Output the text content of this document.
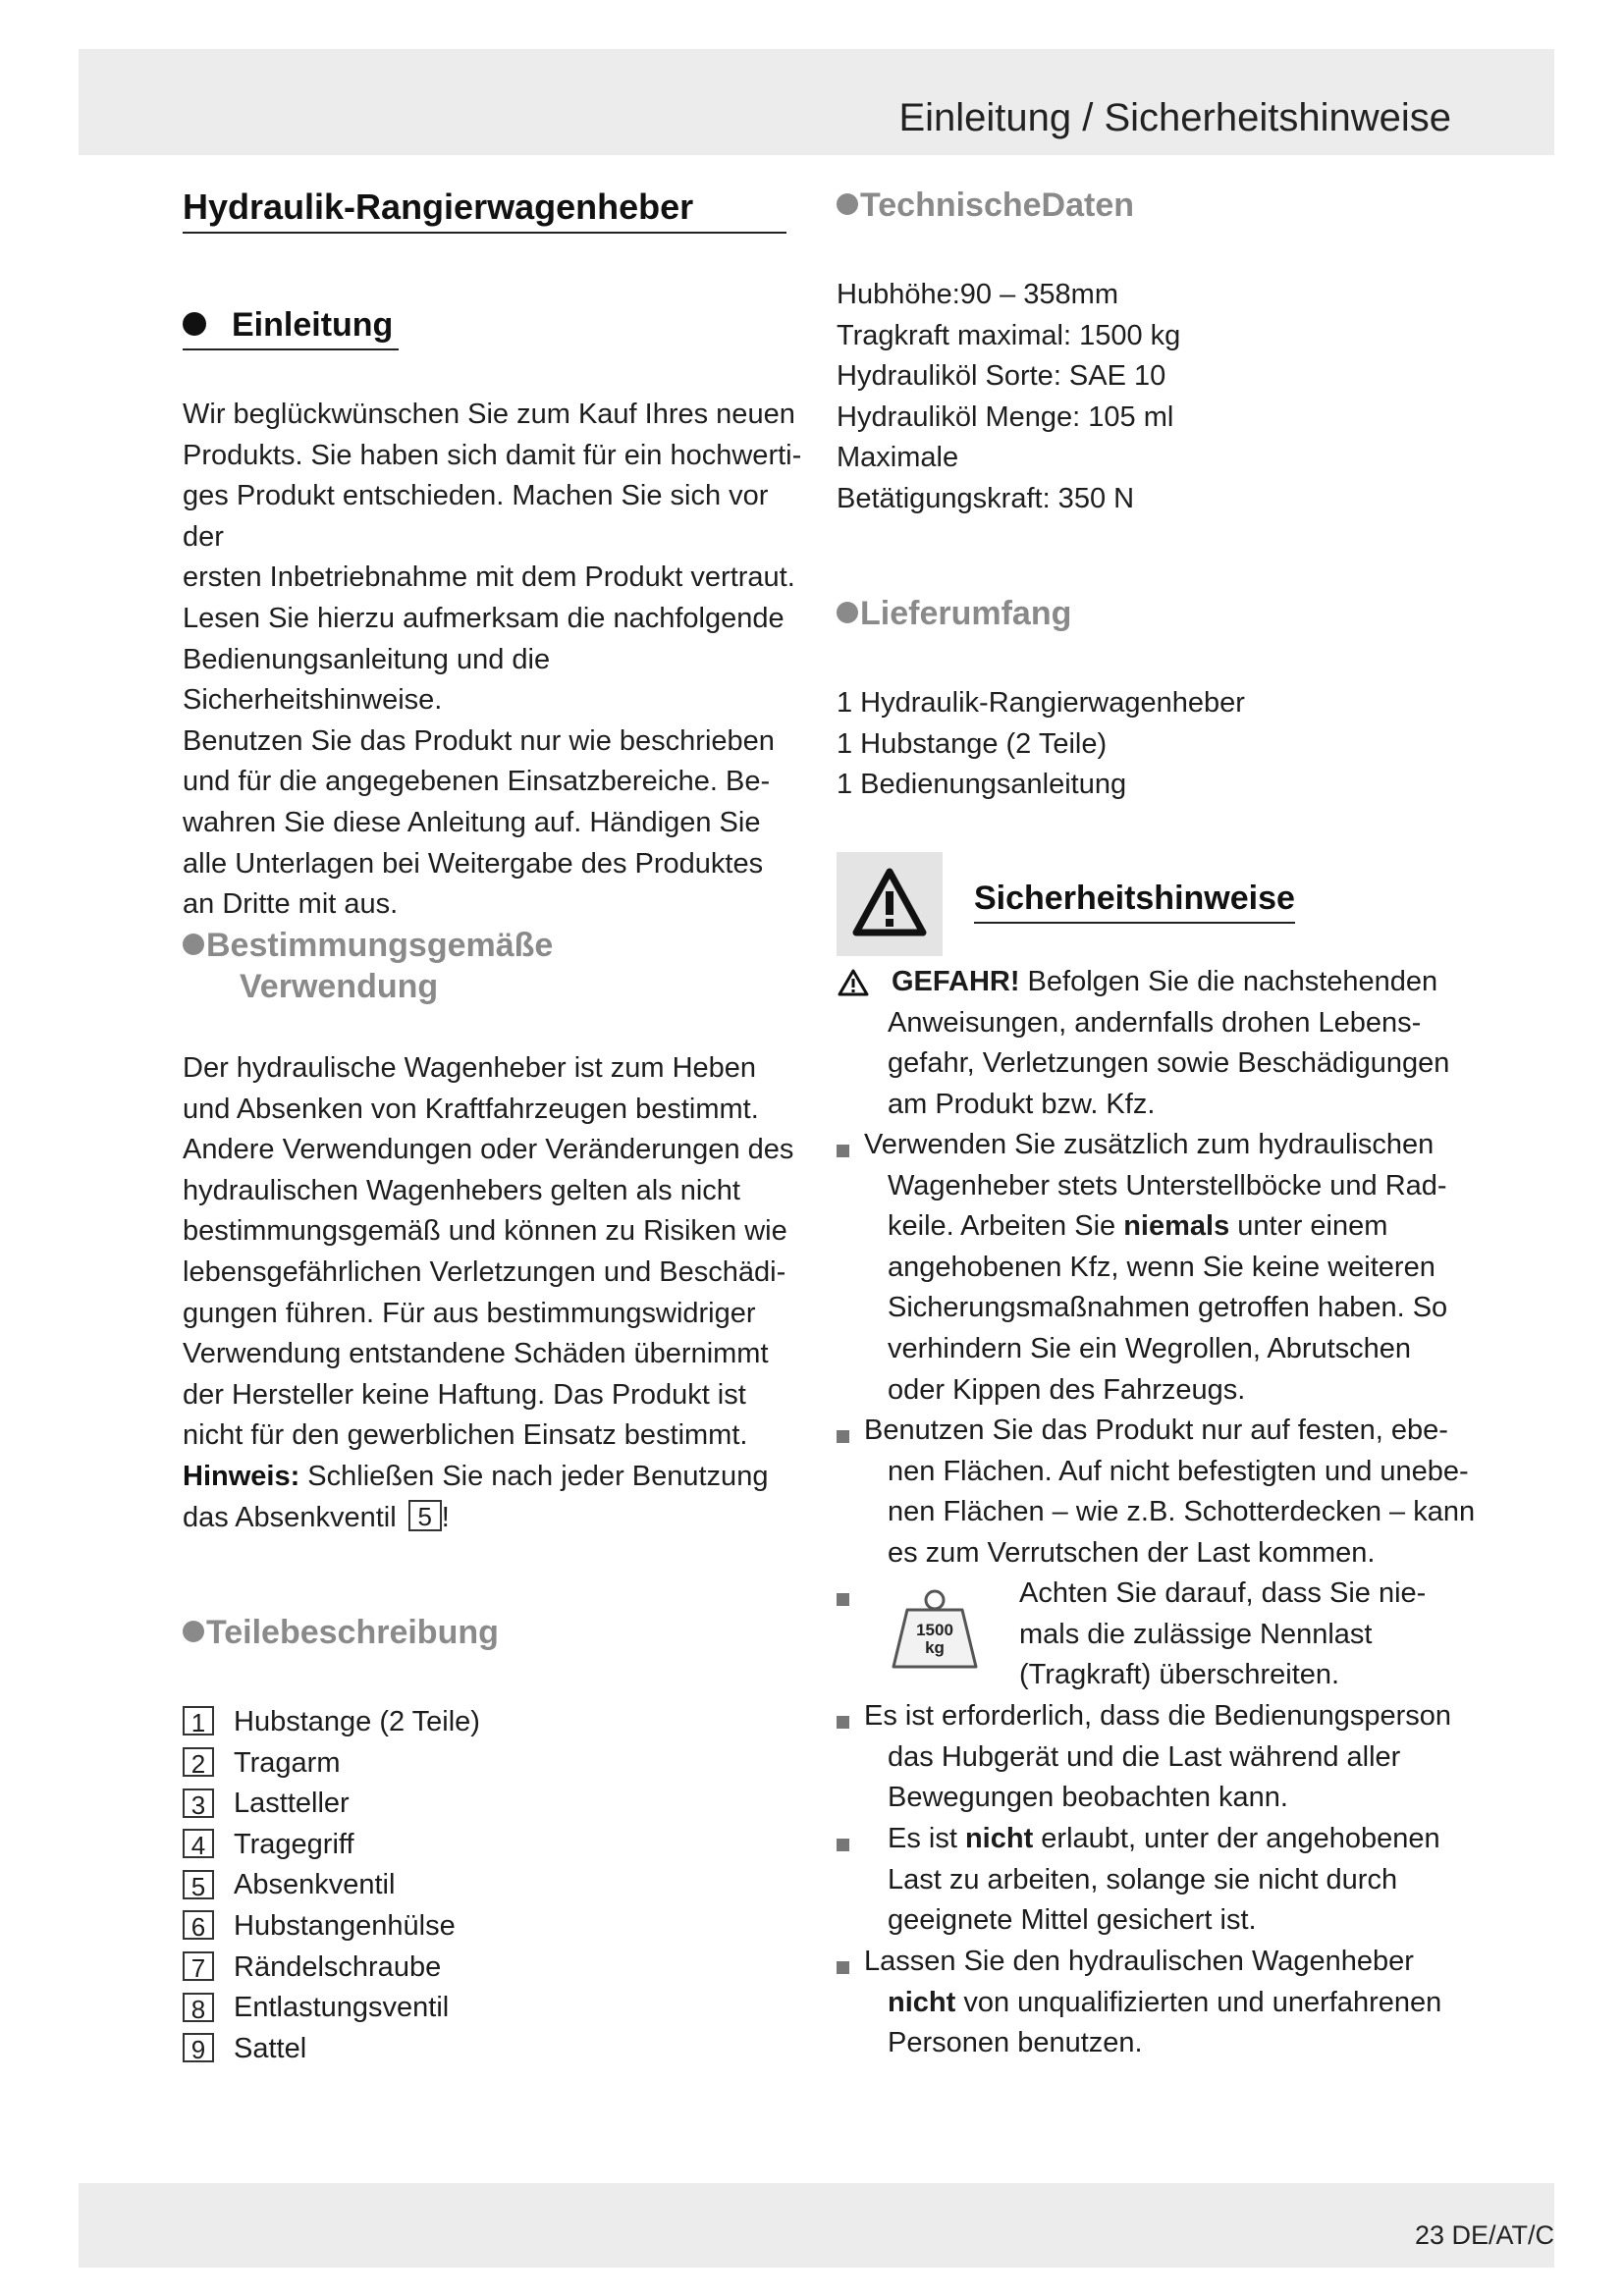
Einleitung / Sicherheitshinweise
Hydraulik-Rangierwagenheber
Einleitung

Wir beglückwünschen Sie zum Kauf Ihres neuen

Produkts. Sie haben sich damit für ein hochwerti-

ges Produkt entschieden. Machen Sie sich vor der

ersten Inbetriebnahme mit dem Produkt vertraut.

Lesen Sie hierzu aufmerksam die nachfolgende

Bedienungsanleitung und die Sicherheitshinweise.

Benutzen Sie das Produkt nur wie beschrieben

und für die angegebenen Einsatzbereiche. Be-

wahren Sie diese Anleitung auf. Händigen Sie

alle Unterlagen bei Weitergabe des Produktes

an Dritte mit aus.

Bestimmungsgemäße
Verwendung

Der hydraulische Wagenheber ist zum Heben

und Absenken von Kraftfahrzeugen bestimmt.

Andere Verwendungen oder Veränderungen des

hydraulischen Wagenhebers gelten als nicht

bestimmungsgemäß und können zu Risiken wie

lebensgefährlichen Verletzungen und Beschädi-

gungen führen. Für aus bestimmungswidriger

Verwendung entstandene Schäden übernimmt

der Hersteller keine Haftung. Das Produkt ist

nicht für den gewerblichen Einsatz bestimmt.

Hinweis: Schließen Sie nach jeder Benutzung

das Absenkventil 5 !

Teilebeschreibung
1 Hubstange (2 Teile)
2 Tragarm
3 Lastteller
4 Tragegriff
5 Absenkventil
6 Hubstangenhülse
7 Rändelschraube
8 Entlastungsventil
9 Sattel
TechnischeDaten

Hubhöhe:90 – 358mm

Tragkraft maximal: 1500 kg

Hydrauliköl Sorte: SAE 10

Hydrauliköl Menge: 105 ml

Maximale

Betätigungskraft: 350 N

Lieferumfang

1 Hydraulik-Rangierwagenheber

1 Hubstange (2 Teile)

1 Bedienungsanleitung

Sicherheitshinweise
GEFAHR! Befolgen Sie die nachstehenden
Anweisungen, andernfalls drohen Lebens-
gefahr, Verletzungen sowie Beschädigungen
am Produkt bzw. Kfz.
Verwenden Sie zusätzlich zum hydraulischen
Wagenheber stets Unterstellböcke und Rad-
keile. Arbeiten Sie niemals unter einem
angehobenen Kfz, wenn Sie keine weiteren
Sicherungsmaßnahmen getroffen haben. So
verhindern Sie ein Wegrollen, Abrutschen
oder Kippen des Fahrzeugs.
Benutzen Sie das Produkt nur auf festen, ebe-
nen Flächen. Auf nicht befestigten und unebe-
nen Flächen – wie z.B. Schotterdecken – kann
es zum Verrutschen der Last kommen.
1500
kg
Achten Sie darauf, dass Sie nie-
mals die zulässige Nennlast
(Tragkraft) überschreiten.
Es ist erforderlich, dass die Bedienungsperson
das Hubgerät und die Last während aller
Bewegungen beobachten kann.
Es ist nicht erlaubt, unter der angehobenen
Last zu arbeiten, solange sie nicht durch
geeignete Mittel gesichert ist.
Lassen Sie den hydraulischen Wagenheber
nicht von unqualifizierten und unerfahrenen
Personen benutzen.
23 DE/AT/C
